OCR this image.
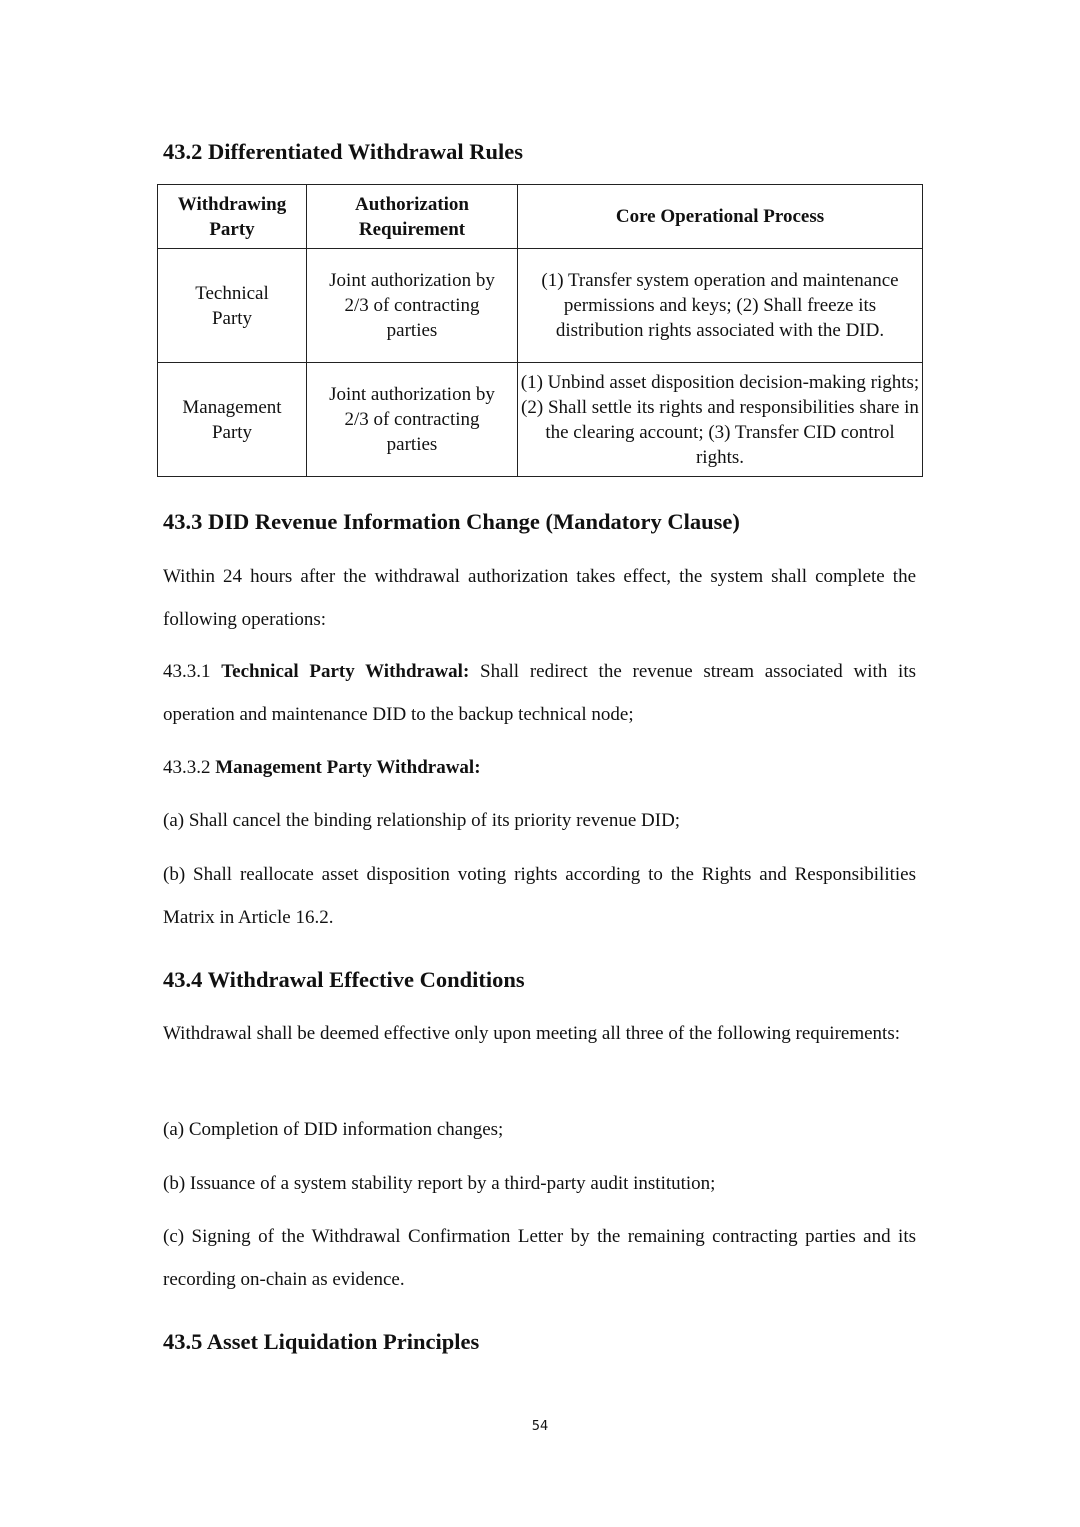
43.2 Differentiated Withdrawal Rules
Withdrawing Party	Authorization Requirement	Core Operational Process
Technical Party	Joint authorization by 2/3 of contracting parties	(1) Transfer system operation and maintenance permissions and keys; (2) Shall freeze its distribution rights associated with the DID.
Management Party	Joint authorization by 2/3 of contracting parties	(1) Unbind asset disposition decision-making rights; (2) Shall settle its rights and responsibilities share in the clearing account; (3) Transfer CID control rights.
43.3 DID Revenue Information Change (Mandatory Clause)

Within 24 hours after the withdrawal authorization takes effect, the system shall complete the following operations:

43.3.1 Technical Party Withdrawal: Shall redirect the revenue stream associated with its operation and maintenance DID to the backup technical node;

43.3.2 Management Party Withdrawal:

(a) Shall cancel the binding relationship of its priority revenue DID;

(b) Shall reallocate asset disposition voting rights according to the Rights and Responsibilities Matrix in Article 16.2.

43.4 Withdrawal Effective Conditions

Withdrawal shall be deemed effective only upon meeting all three of the following requirements:

(a) Completion of DID information changes;

(b) Issuance of a system stability report by a third-party audit institution;

(c) Signing of the Withdrawal Confirmation Letter by the remaining contracting parties and its recording on-chain as evidence.

43.5 Asset Liquidation Principles
54
